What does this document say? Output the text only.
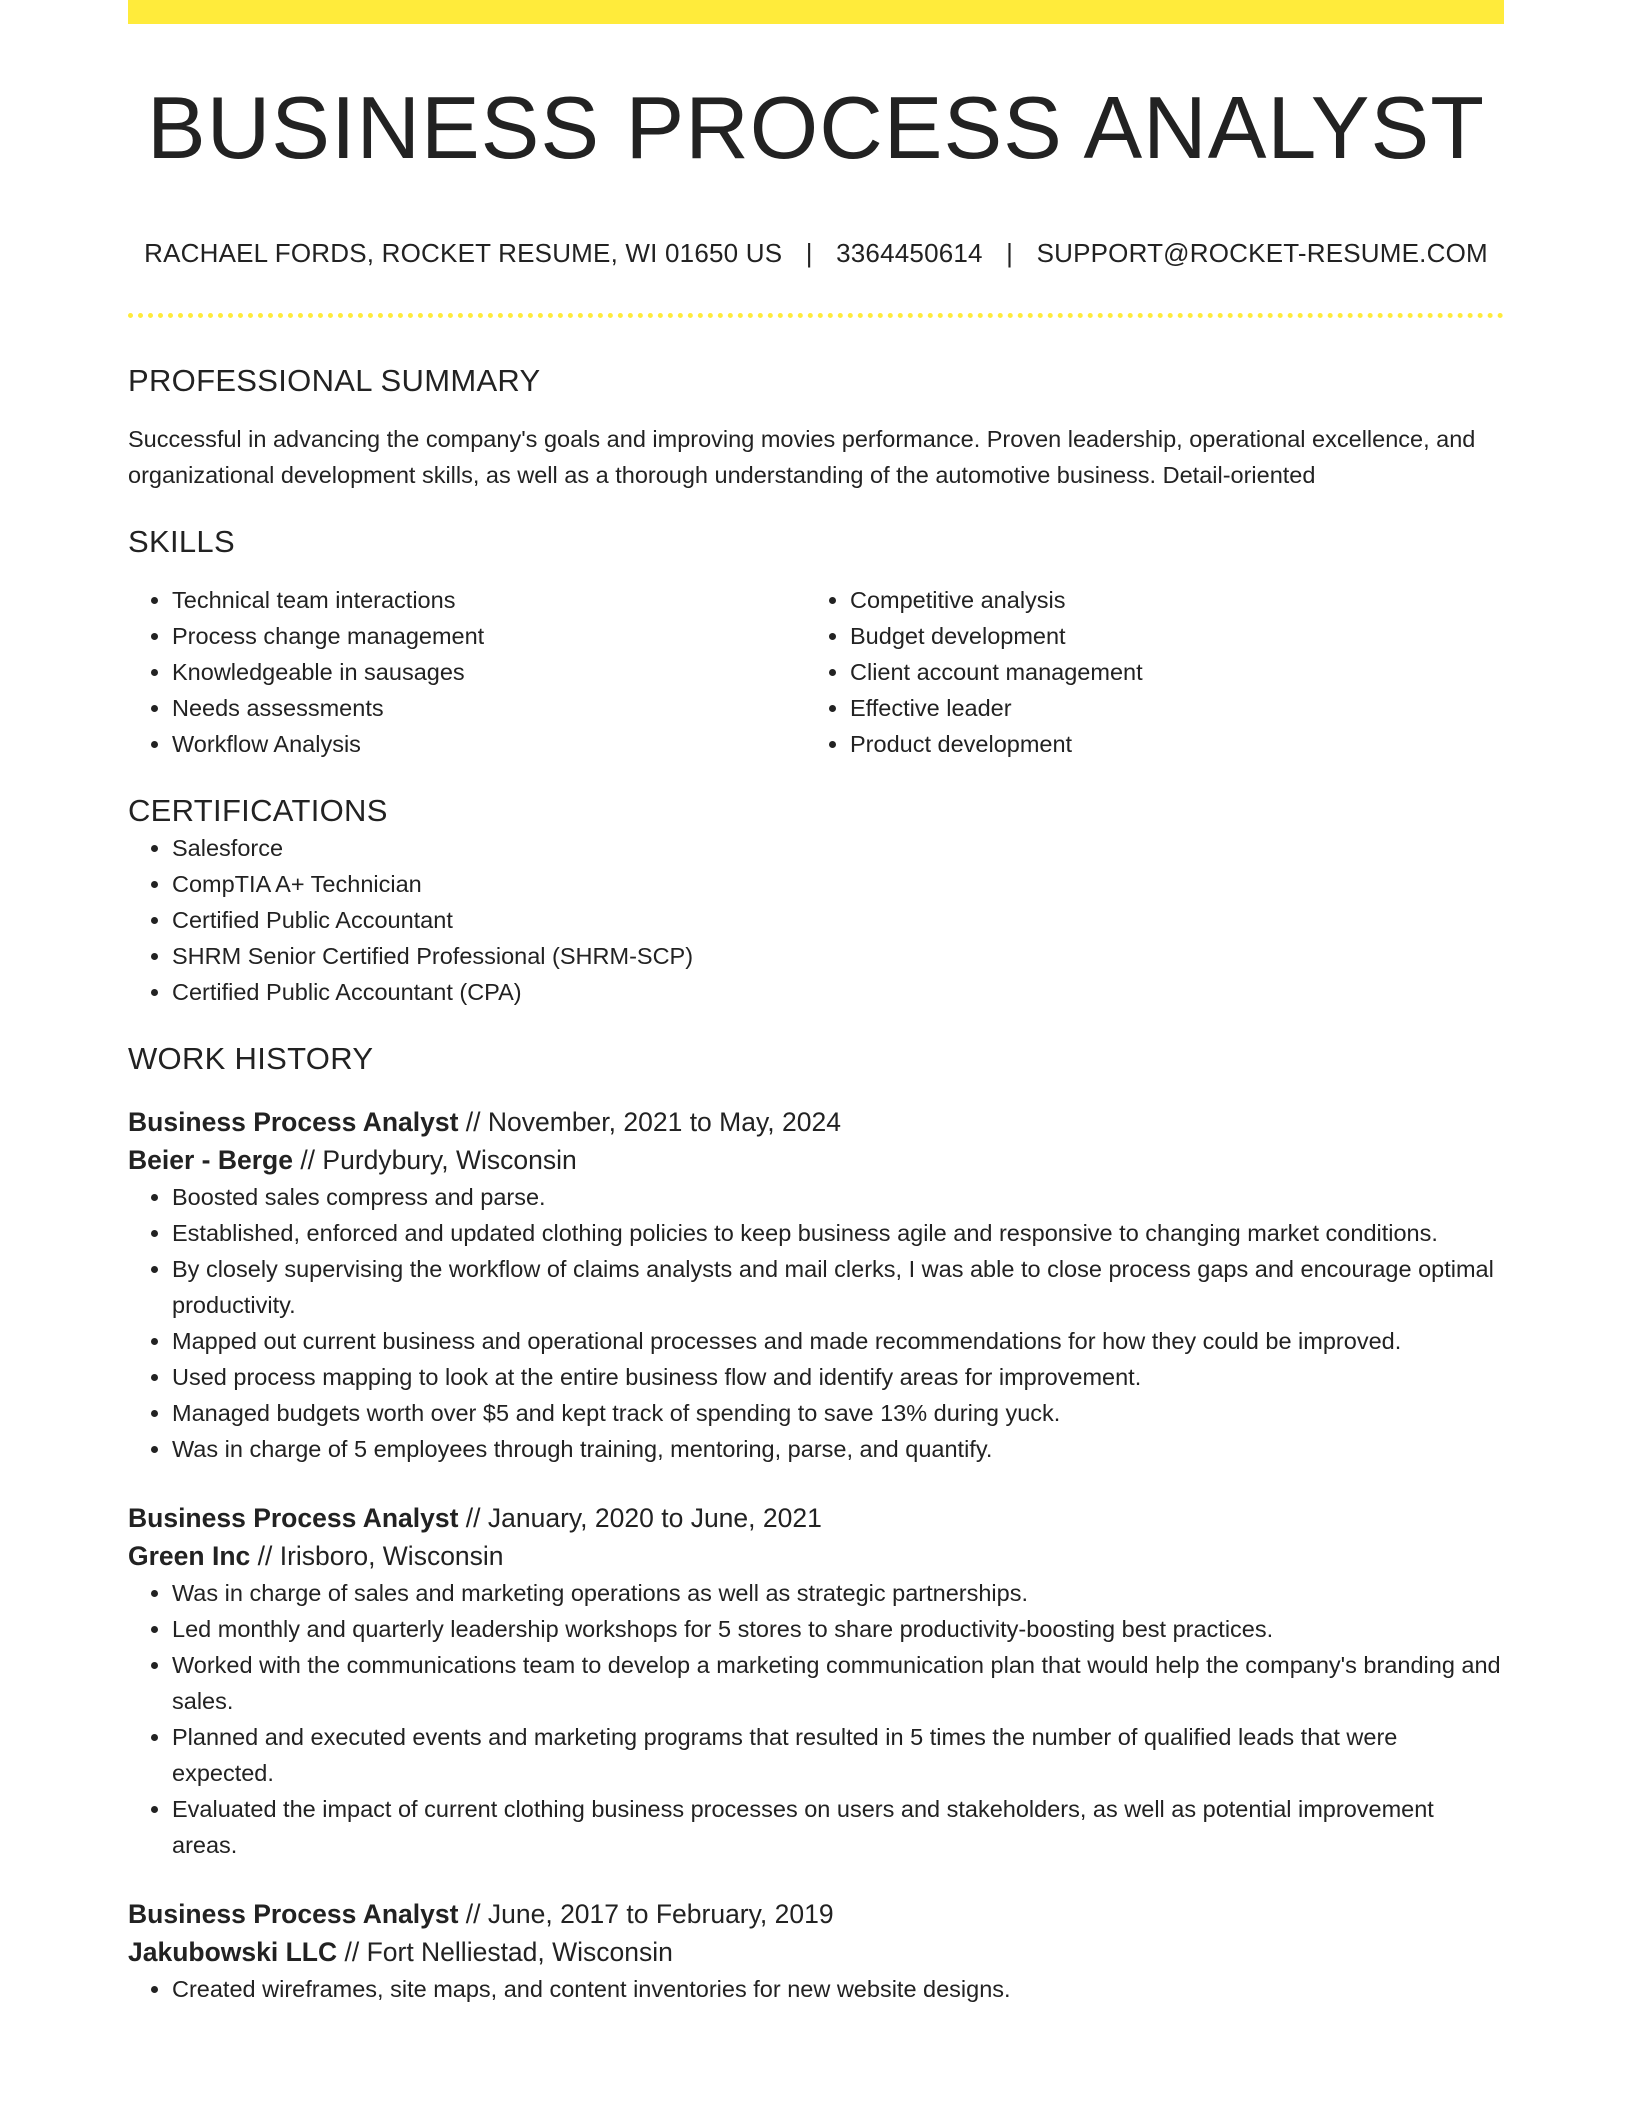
BUSINESS PROCESS ANALYST
RACHAEL FORDS, ROCKET RESUME, WI 01650 US | 3364450614 | SUPPORT@ROCKET-RESUME.COM
PROFESSIONAL SUMMARY

Successful in advancing the company's goals and improving movies performance. Proven leadership, operational excellence, and organizational development skills, as well as a thorough understanding of the automotive business. Detail-oriented

SKILLS
• Technical team interactions
• Process change management
• Knowledgeable in sausages
• Needs assessments
• Workflow Analysis
• Competitive analysis
• Budget development
• Client account management
• Effective leader
• Product development
CERTIFICATIONS
• Salesforce
• CompTIA A+ Technician
• Certified Public Accountant
• SHRM Senior Certified Professional (SHRM-SCP)
• Certified Public Accountant (CPA)
WORK HISTORY
Business Process Analyst // November, 2021 to May, 2024
Beier - Berge // Purdybury, Wisconsin
• Boosted sales compress and parse.
• Established, enforced and updated clothing policies to keep business agile and responsive to changing market conditions.
• By closely supervising the workflow of claims analysts and mail clerks, I was able to close process gaps and encourage optimal productivity.
• Mapped out current business and operational processes and made recommendations for how they could be improved.
• Used process mapping to look at the entire business flow and identify areas for improvement.
• Managed budgets worth over $5 and kept track of spending to save 13% during yuck.
• Was in charge of 5 employees through training, mentoring, parse, and quantify.
Business Process Analyst // January, 2020 to June, 2021
Green Inc // Irisboro, Wisconsin
• Was in charge of sales and marketing operations as well as strategic partnerships.
• Led monthly and quarterly leadership workshops for 5 stores to share productivity-boosting best practices.
• Worked with the communications team to develop a marketing communication plan that would help the company's branding and sales.
• Planned and executed events and marketing programs that resulted in 5 times the number of qualified leads that were expected.
• Evaluated the impact of current clothing business processes on users and stakeholders, as well as potential improvement areas.
Business Process Analyst // June, 2017 to February, 2019
Jakubowski LLC // Fort Nelliestad, Wisconsin
• Created wireframes, site maps, and content inventories for new website designs.
